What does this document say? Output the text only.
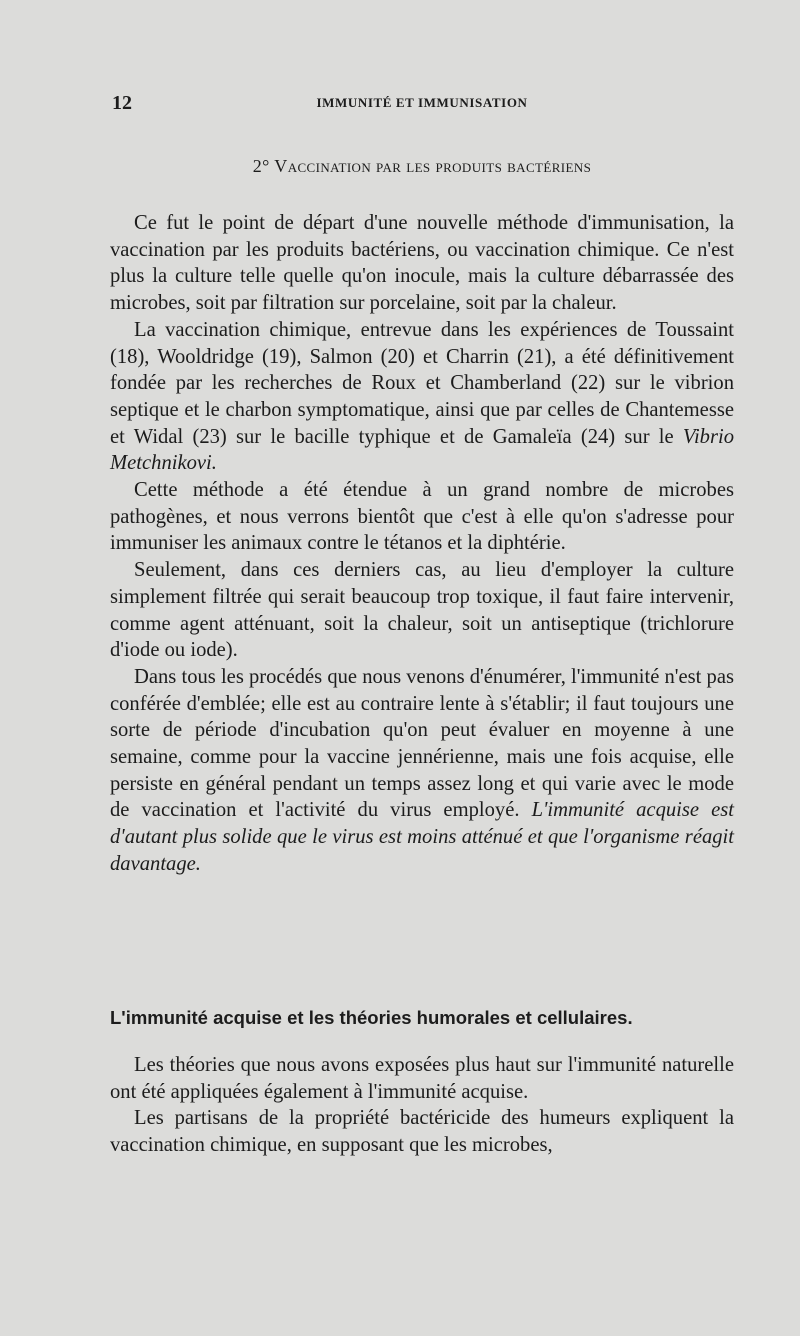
12	IMMUNITÉ ET IMMUNISATION
2° Vaccination par les produits bactériens

Ce fut le point de départ d'une nouvelle méthode d'immunisation, la vaccination par les produits bactériens, ou vaccination chimique. Ce n'est plus la culture telle quelle qu'on inocule, mais la culture débarrassée des microbes, soit par filtration sur porcelaine, soit par la chaleur.

La vaccination chimique, entrevue dans les expériences de Toussaint (18), Wooldridge (19), Salmon (20) et Charrin (21), a été définitivement fondée par les recherches de Roux et Chamberland (22) sur le vibrion septique et le charbon symptomatique, ainsi que par celles de Chantemesse et Widal (23) sur le bacille typhique et de Gamaleïa (24) sur le Vibrio Metchnikovi.

Cette méthode a été étendue à un grand nombre de microbes pathogènes, et nous verrons bientôt que c'est à elle qu'on s'adresse pour immuniser les animaux contre le tétanos et la diphtérie.

Seulement, dans ces derniers cas, au lieu d'employer la culture simplement filtrée qui serait beaucoup trop toxique, il faut faire intervenir, comme agent atténuant, soit la chaleur, soit un antiseptique (trichlorure d'iode ou iode).

Dans tous les procédés que nous venons d'énumérer, l'immunité n'est pas conférée d'emblée; elle est au contraire lente à s'établir; il faut toujours une sorte de période d'incubation qu'on peut évaluer en moyenne à une semaine, comme pour la vaccine jennérienne, mais une fois acquise, elle persiste en général pendant un temps assez long et qui varie avec le mode de vaccination et l'activité du virus employé. L'immunité acquise est d'autant plus solide que le virus est moins atténué et que l'organisme réagit davantage.

L'immunité acquise et les théories humorales et cellulaires.

Les théories que nous avons exposées plus haut sur l'immunité naturelle ont été appliquées également à l'immunité acquise.

Les partisans de la propriété bactéricide des humeurs expliquent la vaccination chimique, en supposant que les microbes,
